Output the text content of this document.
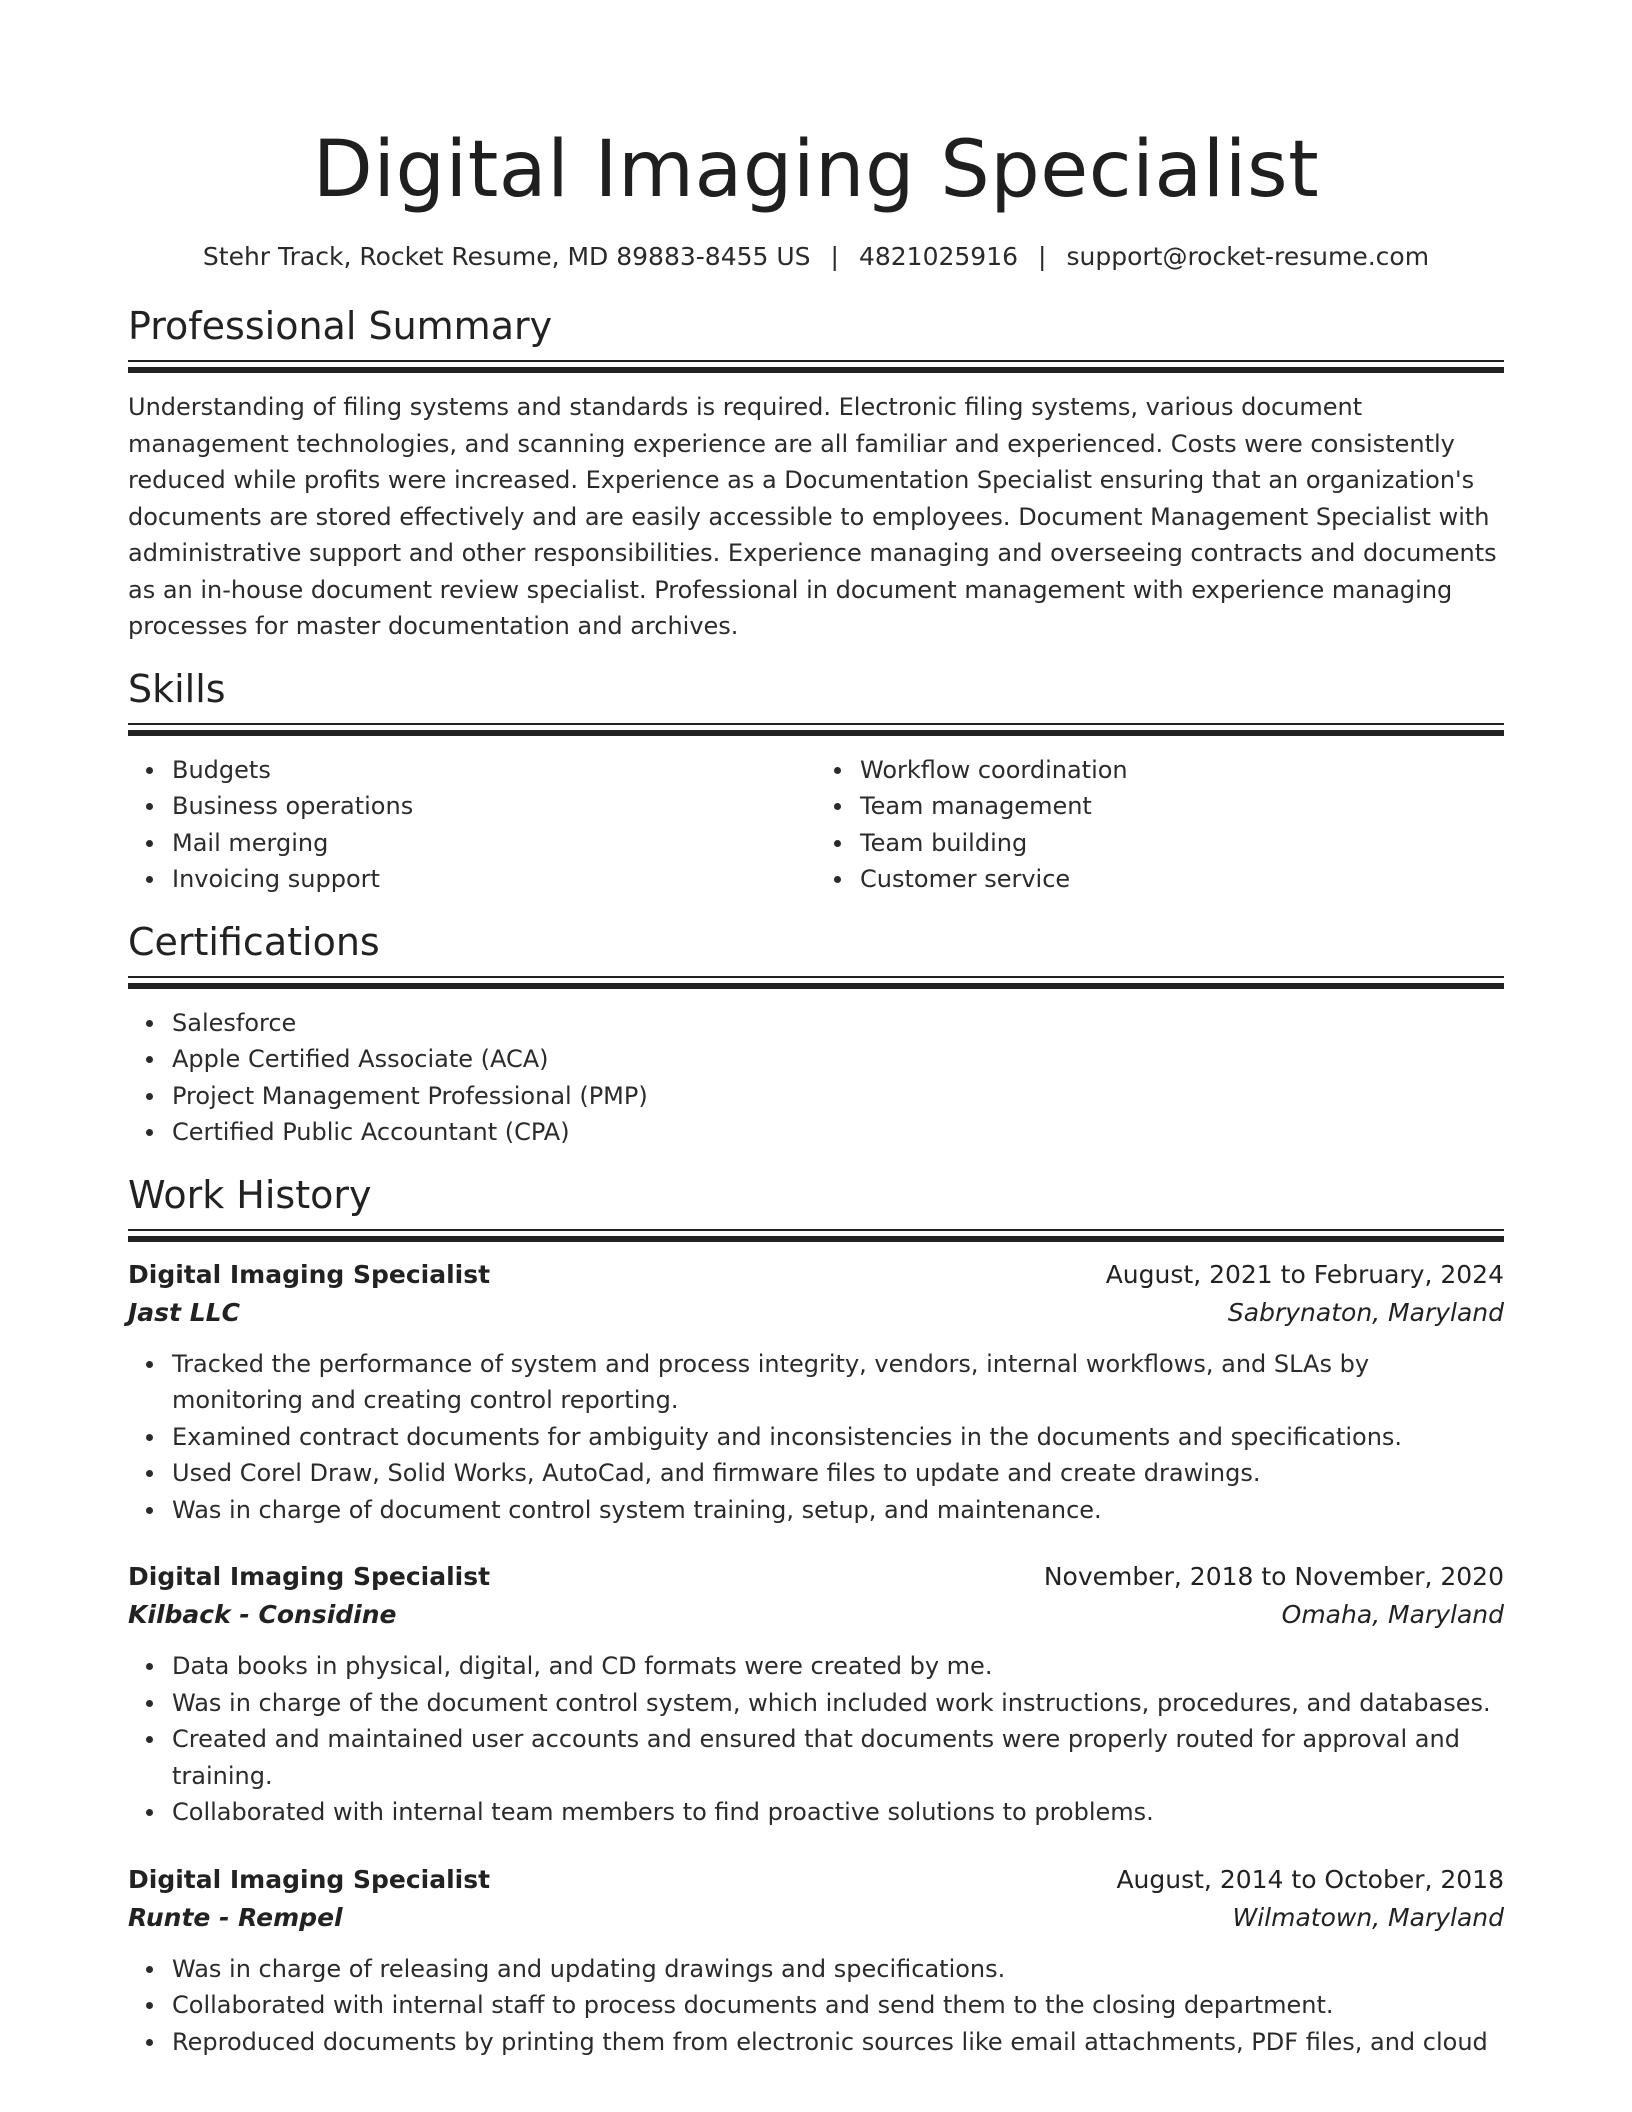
Digital Imaging Specialist
Stehr Track, Rocket Resume, MD 89883-8455 US | 4821025916 | support@rocket-resume.com
Professional Summary
Understanding of filing systems and standards is required. Electronic filing systems, various document management technologies, and scanning experience are all familiar and experienced. Costs were consistently reduced while profits were increased. Experience as a Documentation Specialist ensuring that an organization's documents are stored effectively and are easily accessible to employees. Document Management Specialist with administrative support and other responsibilities. Experience managing and overseeing contracts and documents as an in-house document review specialist. Professional in document management with experience managing processes for master documentation and archives.
Skills
Budgets
Business operations
Mail merging
Invoicing support
Workflow coordination
Team management
Team building
Customer service
Certifications
Salesforce
Apple Certified Associate (ACA)
Project Management Professional (PMP)
Certified Public Accountant (CPA)
Work History
Digital Imaging Specialist	August, 2021 to February, 2024
Jast LLC	Sabrynaton, Maryland
Tracked the performance of system and process integrity, vendors, internal workflows, and SLAs by monitoring and creating control reporting.
Examined contract documents for ambiguity and inconsistencies in the documents and specifications.
Used Corel Draw, Solid Works, AutoCad, and firmware files to update and create drawings.
Was in charge of document control system training, setup, and maintenance.
Digital Imaging Specialist	November, 2018 to November, 2020
Kilback - Considine	Omaha, Maryland
Data books in physical, digital, and CD formats were created by me.
Was in charge of the document control system, which included work instructions, procedures, and databases.
Created and maintained user accounts and ensured that documents were properly routed for approval and training.
Collaborated with internal team members to find proactive solutions to problems.
Digital Imaging Specialist	August, 2014 to October, 2018
Runte - Rempel	Wilmatown, Maryland
Was in charge of releasing and updating drawings and specifications.
Collaborated with internal staff to process documents and send them to the closing department.
Reproduced documents by printing them from electronic sources like email attachments, PDF files, and cloud
